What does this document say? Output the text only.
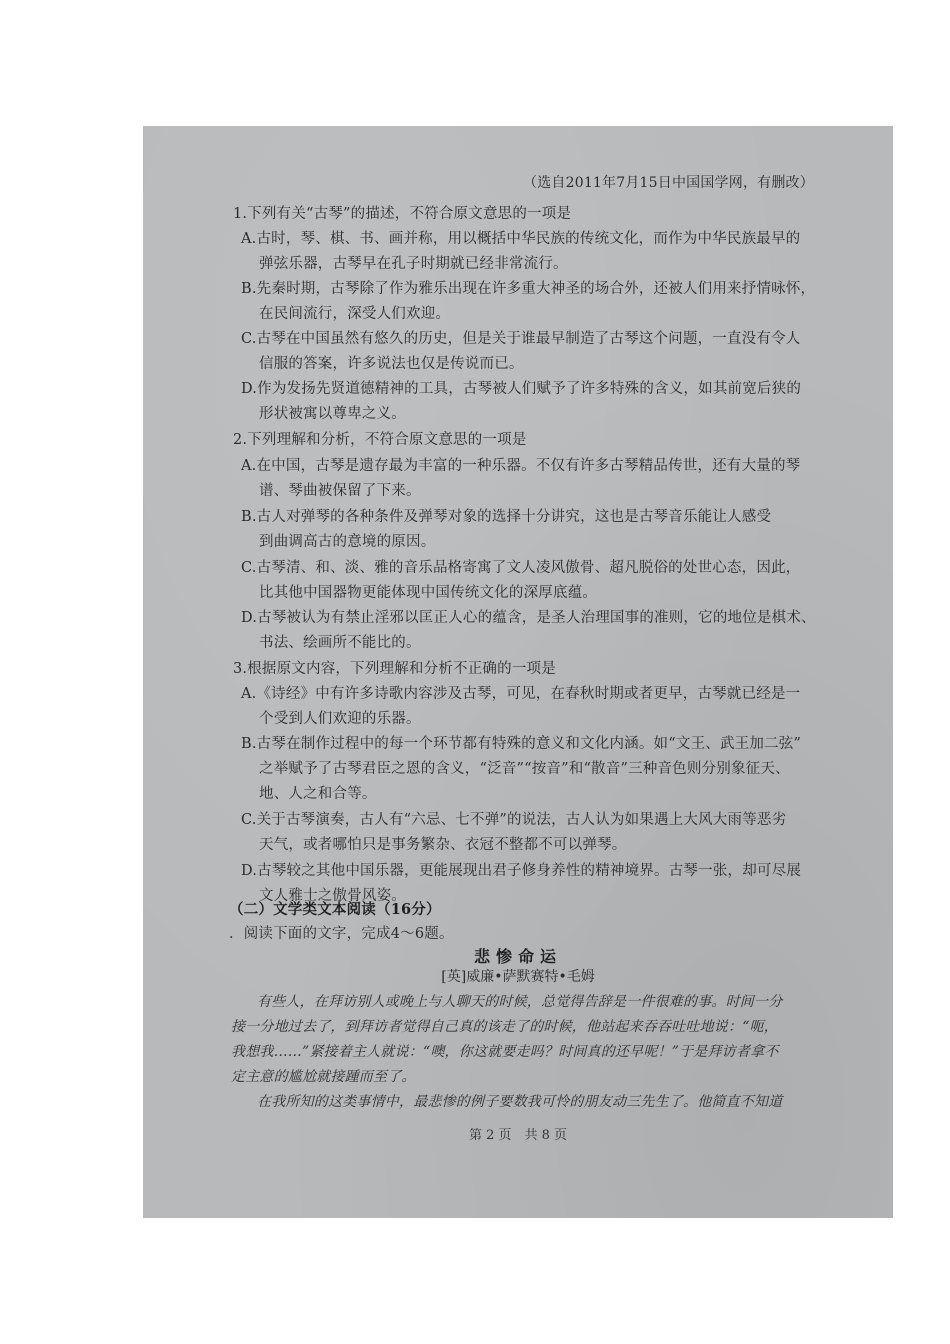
（选自2011年7月15日中国国学网，有删改）
1.下列有关“古琴”的描述，不符合原文意思的一项是
A.古时，琴、棋、书、画并称，用以概括中华民族的传统文化，而作为中华民族最早的
弹弦乐器，古琴早在孔子时期就已经非常流行。
B.先秦时期，古琴除了作为雅乐出现在许多重大神圣的场合外，还被人们用来抒情咏怀，
在民间流行，深受人们欢迎。
C.古琴在中国虽然有悠久的历史，但是关于谁最早制造了古琴这个问题，一直没有令人
信服的答案，许多说法也仅是传说而已。
D.作为发扬先贤道德精神的工具，古琴被人们赋予了许多特殊的含义，如其前宽后狭的
形状被寓以尊卑之义。
2.下列理解和分析，不符合原文意思的一项是
A.在中国，古琴是遗存最为丰富的一种乐器。不仅有许多古琴精品传世，还有大量的琴
谱、琴曲被保留了下来。
B.古人对弹琴的各种条件及弹琴对象的选择十分讲究，这也是古琴音乐能让人感受
到曲调高古的意境的原因。
C.古琴清、和、淡、雅的音乐品格寄寓了文人凌风傲骨、超凡脱俗的处世心态，因此，
比其他中国器物更能体现中国传统文化的深厚底蕴。
D.古琴被认为有禁止淫邪以匡正人心的蕴含，是圣人治理国事的准则，它的地位是棋术、
书法、绘画所不能比的。
3.根据原文内容，下列理解和分析不正确的一项是
A.《诗经》中有许多诗歌内容涉及古琴，可见，在春秋时期或者更早，古琴就已经是一
个受到人们欢迎的乐器。
B.古琴在制作过程中的每一个环节都有特殊的意义和文化内涵。如“文王、武王加二弦”
之举赋予了古琴君臣之恩的含义，“泛音”“按音”和“散音”三种音色则分别象征天、
地、人之和合等。
C.关于古琴演奏，古人有“六忌、七不弹”的说法，古人认为如果遇上大风大雨等恶劣
天气，或者哪怕只是事务繁杂、衣冠不整都不可以弹琴。
D.古琴较之其他中国乐器，更能展现出君子修身养性的精神境界。古琴一张，却可尽展
文人雅士之傲骨风姿。
（二）文学类文本阅读（16分）
．阅读下面的文字，完成4～6题。
悲惨命运
[英]威廉•萨默赛特•毛姆
有些人，在拜访别人或晚上与人聊天的时候，总觉得告辞是一件很难的事。时间一分
接一分地过去了，到拜访者觉得自己真的该走了的时候，他站起来吞吞吐吐地说：“呃，
我想我……”紧接着主人就说：“噢，你这就要走吗？时间真的还早呢！”于是拜访者拿不
定主意的尴尬就接踵而至了。
在我所知的这类事情中，最悲惨的例子要数我可怜的朋友动三先生了。他简直不知道
第 2 页　共 8 页
